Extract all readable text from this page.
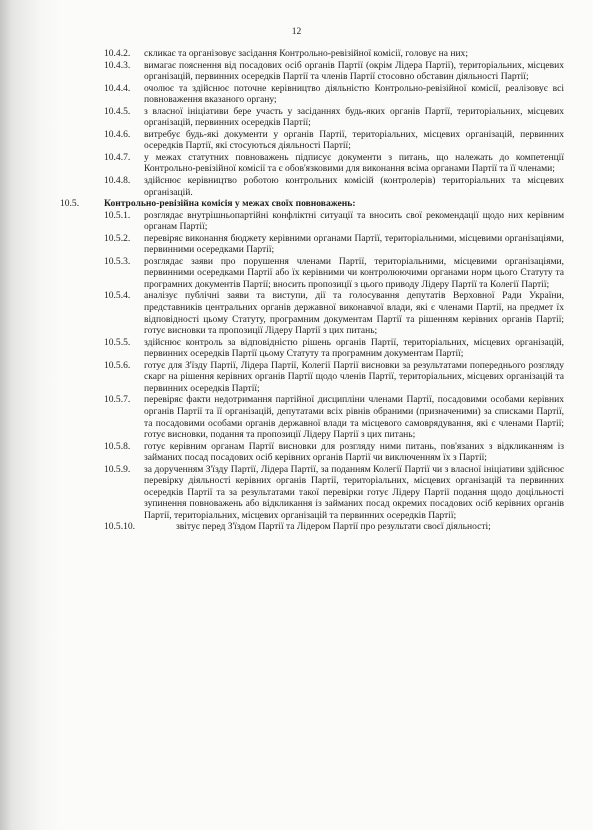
12
10.4.2.	скликає та організовує засідання Контрольно-ревізійної комісії, головує на них;
10.4.3.	вимагає пояснення від посадових осіб органів Партії (окрім Лідера Партії), територіальних, місцевих організацій, первинних осередків Партії та членів Партії стосовно обставин діяльності Партії;
10.4.4.	очолює та здійснює поточне керівництво діяльністю Контрольно-ревізійної комісії, реалізовує всі повноваження вказаного органу;
10.4.5.	з власної ініціативи бере участь у засіданнях будь-яких органів Партії, територіальних, місцевих організацій, первинних осередків Партії;
10.4.6.	витребує будь-які документи у органів Партії, територіальних, місцевих організацій, первинних осередків Партії, які стосуються діяльності Партії;
10.4.7.	у межах статутних повноважень підписує документи з питань, що належать до компетенції Контрольно-ревізійної комісії та є обов'язковими для виконання всіма органами Партії та її членами;
10.4.8.	здійснює керівництво роботою контрольних комісій (контролерів) територіальних та місцевих організацій.
10.5.	Контрольно-ревізійна комісія у межах своїх повноважень:
10.5.1.	розглядає внутрішньопартійні конфліктні ситуації та вносить свої рекомендації щодо них керівним органам Партії;
10.5.2.	перевіряє виконання бюджету керівними органами Партії, територіальними, місцевими організаціями, первинними осередками Партії;
10.5.3.	розглядає заяви про порушення членами Партії, територіальними, місцевими організаціями, первинними осередками Партії або їх керівними чи контролюючими органами норм цього Статуту та програмних документів Партії; вносить пропозиції з цього приводу Лідеру Партії та Колегії Партії;
10.5.4.	аналізує публічні заяви та виступи, дії та голосування депутатів Верховної Ради України, представників центральних органів державної виконавчої влади, які є членами Партії, на предмет їх відповідності цьому Статуту, програмним документам Партії та рішенням керівних органів Партії; готує висновки та пропозиції Лідеру Партії з цих питань;
10.5.5.	здійснює контроль за відповідністю рішень органів Партії, територіальних, місцевих організацій, первинних осередків Партії цьому Статуту та програмним документам Партії;
10.5.6.	готує для З'їзду Партії, Лідера Партії, Колегії Партії висновки за результатами попереднього розгляду скарг на рішення керівних органів Партії щодо членів Партії, територіальних, місцевих організацій та первинних осередків Партії;
10.5.7.	перевіряє факти недотримання партійної дисципліни членами Партії, посадовими особами керівних органів Партії та її організацій, депутатами всіх рівнів обраними (призначеними) за списками Партії, та посадовими особами органів державної влади та місцевого самоврядування, які є членами Партії; готує висновки, подання та пропозиції Лідеру Партії з цих питань;
10.5.8.	готує керівним органам Партії висновки для розгляду ними питань, пов'язаних з відкликанням із займаних посад посадових осіб керівних органів Партії чи виключенням їх з Партії;
10.5.9.	за дорученням З'їзду Партії, Лідера Партії, за поданням Колегії Партії чи з власної ініціативи здійснює перевірку діяльності керівних органів Партії, територіальних, місцевих організацій та первинних осередків Партії та за результатами такої перевірки готує Лідеру Партії подання щодо доцільності зупинення повноважень або відкликання із займаних посад окремих посадових осіб керівних органів Партії, територіальних, місцевих організацій та первинних осередків Партії;
10.5.10.	звітує перед З'їздом Партії та Лідером Партії про результати своєї діяльності;
